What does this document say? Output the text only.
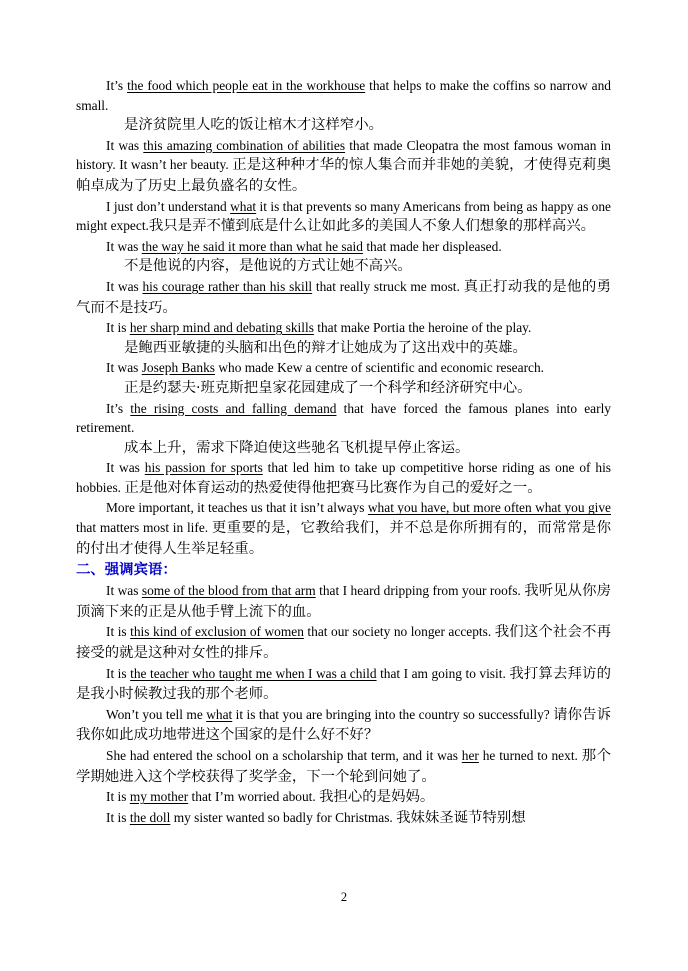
It’s the food which people eat in the workhouse that helps to make the coffins so narrow and small.

是济贫院里人吃的饭让棺木才这样窄小。

It was this amazing combination of abilities that made Cleopatra the most famous woman in history. It wasn’t her beauty. 正是这种种才华的惊人集合而并非她的美貌，才使得克莉奥帕卓成为了历史上最负盛名的女性。

I just don’t understand what it is that prevents so many Americans from being as happy as one might expect.我只是弄不懂到底是什么让如此多的美国人不象人们想象的那样高兴。

It was the way he said it more than what he said that made her displeased.

不是他说的内容，是他说的方式让她不高兴。

It was his courage rather than his skill that really struck me most. 真正打动我的是他的勇气而不是技巧。

It is her sharp mind and debating skills that make Portia the heroine of the play.

是鲍西亚敏捷的头脑和出色的辩才让她成为了这出戏中的英雄。

It was Joseph Banks who made Kew a centre of scientific and economic research.

正是约瑟夫·班克斯把皇家花园建成了一个科学和经济研究中心。

It’s the rising costs and falling demand that have forced the famous planes into early retirement.

成本上升，需求下降迫使这些驰名飞机提早停止客运。

It was his passion for sports that led him to take up competitive horse riding as one of his hobbies. 正是他对体育运动的热爱使得他把赛马比赛作为自己的爱好之一。

More important, it teaches us that it isn’t always what you have, but more often what you give that matters most in life. 更重要的是，它教给我们，并不总是你所拥有的，而常常是你的付出才使得人生举足轻重。

二、强调宾语：

It was some of the blood from that arm that I heard dripping from your roofs. 我听见从你房顶滴下来的正是从他手臂上流下的血。

It is this kind of exclusion of women that our society no longer accepts. 我们这个社会不再接受的就是这种对女性的排斥。

It is the teacher who taught me when I was a child that I am going to visit. 我打算去拜访的是我小时候教过我的那个老师。

Won’t you tell me what it is that you are bringing into the country so successfully? 请你告诉我你如此成功地带进这个国家的是什么好不好？

She had entered the school on a scholarship that term, and it was her he turned to next. 那个学期她进入这个学校获得了奖学金，下一个轮到问她了。

It is my mother that I’m worried about. 我担心的是妈妈。

It is the doll my sister wanted so badly for Christmas. 我妹妹圣诞节特别想

2
